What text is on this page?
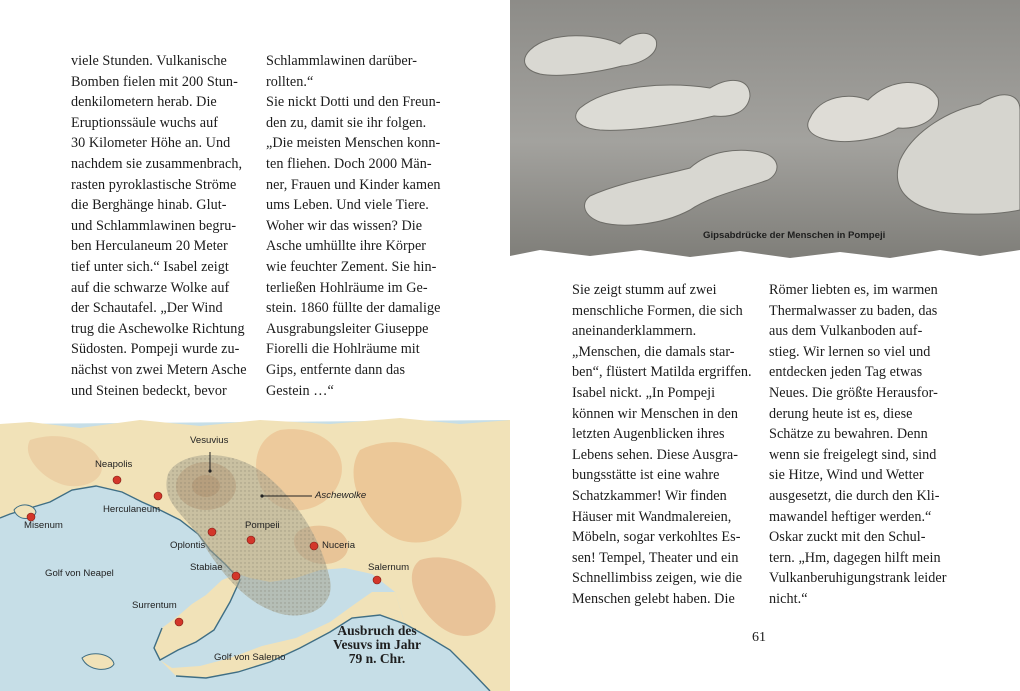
viele Stunden. Vulkanische
Bomben fielen mit 200 Stun-
denkilometern herab. Die
Eruptionssäule wuchs auf
30 Kilometer Höhe an. Und
nachdem sie zusammenbrach,
rasten pyroklastische Ströme
die Berghänge hinab. Glut-
und Schlammlawinen begru-
ben Herculaneum 20 Meter
tief unter sich.“ Isabel zeigt
auf die schwarze Wolke auf
der Schautafel. „Der Wind
trug die Aschewolke Richtung
Südosten. Pompeji wurde zu-
nächst von zwei Metern Asche
und Steinen bedeckt, bevor
Schlammlawinen darüber-
rollten.“
Sie nickt Dotti und den Freun-
den zu, damit sie ihr folgen.
„Die meisten Menschen konn-
ten fliehen. Doch 2000 Män-
ner, Frauen und Kinder kamen
ums Leben. Und viele Tiere.
Woher wir das wissen? Die
Asche umhüllte ihre Körper
wie feuchter Zement. Sie hin-
terließen Hohlräume im Ge-
stein. 1860 füllte der damalige
Ausgrabungsleiter Giuseppe
Fiorelli die Hohlräume mit
Gips, entfernte dann das
Gestein …“
Vesuvius
Neapolis
Herculaneum
Misenum
Oplontis
Pompeii
Aschewolke
Nuceria
Stabiae	Salernum
Golf von Neapel
Surrentum
Golf von Salerno
Ausbruch des
Vesuvs im Jahr
79 n. Chr.
Gipsabdrücke der Menschen in Pompeji
Sie zeigt stumm auf zwei
menschliche Formen, die sich
aneinanderklammern.
„Menschen, die damals star-
ben“, flüstert Matilda ergriffen.
Isabel nickt. „In Pompeji
können wir Menschen in den
letzten Augenblicken ihres
Lebens sehen. Diese Ausgra-
bungsstätte ist eine wahre
Schatzkammer! Wir finden
Häuser mit Wandmalereien,
Möbeln, sogar verkohltes Es-
sen! Tempel, Theater und ein
Schnellimbiss zeigen, wie die
Menschen gelebt haben. Die
Römer liebten es, im warmen
Thermalwasser zu baden, das
aus dem Vulkanboden auf-
stieg. Wir lernen so viel und
entdecken jeden Tag etwas
Neues. Die größte Herausfor-
derung heute ist es, diese
Schätze zu bewahren. Denn
wenn sie freigelegt sind, sind
sie Hitze, Wind und Wetter
ausgesetzt, die durch den Kli-
mawandel heftiger werden.“
Oskar zuckt mit den Schul-
tern. „Hm, dagegen hilft mein
Vulkanberuhigungstrank leider
nicht.“
61
